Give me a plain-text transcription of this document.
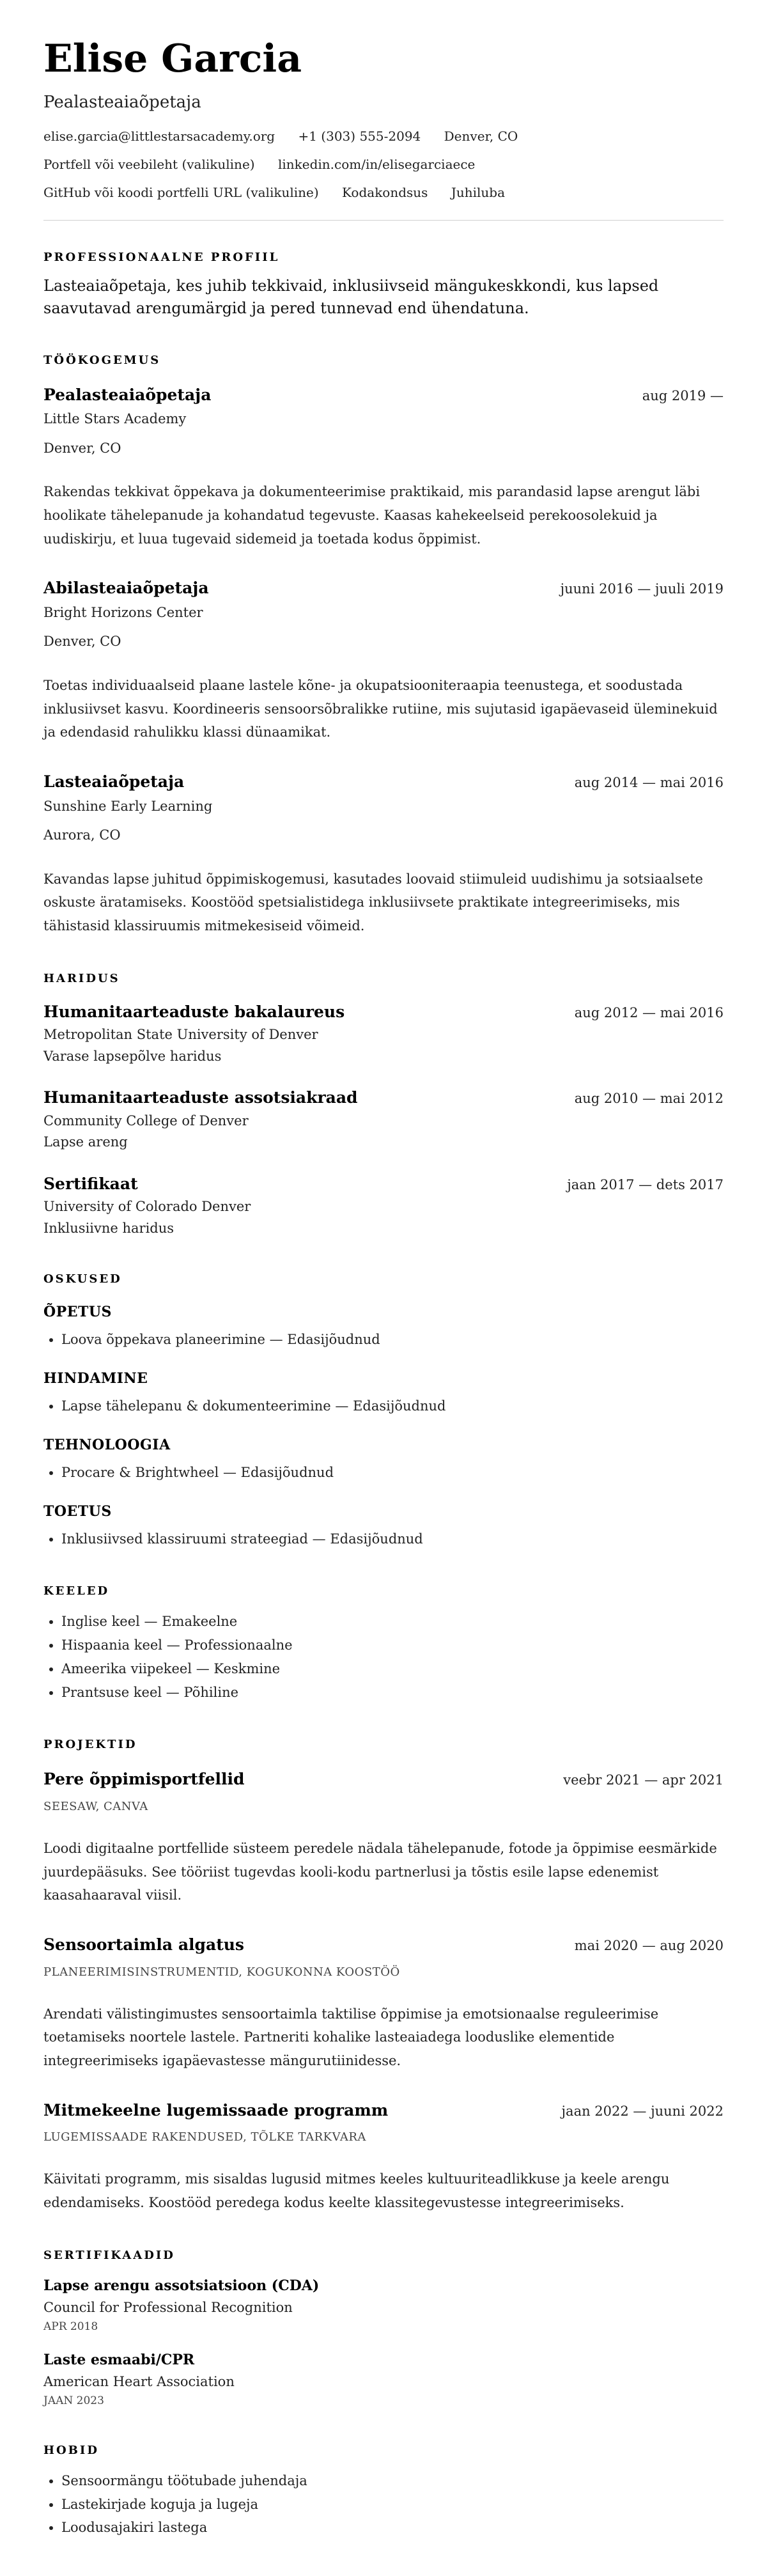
Elise Garcia
Pealasteaiaõpetaja
elise.garcia@littlestarsacademy.org +1 (303) 555-2094 Denver, CO
Portfell või veebileht (valikuline) linkedin.com/in/elisegarciaece
GitHub või koodi portfelli URL (valikuline) Kodakondsus Juhiluba
PROFESSIONAALNE PROFIIL

Lasteaiaõpetaja, kes juhib tekkivaid, inklusiivseid mängukeskkondi, kus lapsed saavutavad arengumärgid ja pered tunnevad end ühendatuna.

TÖÖKOGEMUS
Pealasteaiaõpetaja	aug 2019 —
Little Stars Academy
Denver, CO

Rakendas tekkivat õppekava ja dokumenteerimise praktikaid, mis parandasid lapse arengut läbi hoolikate tähelepanude ja kohandatud tegevuste. Kaasas kahekeelseid perekoosolekuid ja uudiskirju, et luua tugevaid sidemeid ja toetada kodus õppimist.

Abilasteaiaõpetaja	juuni 2016 — juuli 2019
Bright Horizons Center
Denver, CO

Toetas individuaalseid plaane lastele kõne- ja okupatsiooniteraapia teenustega, et soodustada inklusiivset kasvu. Koordineeris sensoorsõbralikke rutiine, mis sujutasid igapäevaseid üleminekuid ja edendasid rahulikku klassi dünaamikat.

Lasteaiaõpetaja	aug 2014 — mai 2016
Sunshine Early Learning
Aurora, CO

Kavandas lapse juhitud õppimiskogemusi, kasutades loovaid stiimuleid uudishimu ja sotsiaalsete oskuste äratamiseks. Koostööd spetsialistidega inklusiivsete praktikate integreerimiseks, mis tähistasid klassiruumis mitmekesiseid võimeid.

HARIDUS
Humanitaarteaduste bakalaureus	aug 2012 — mai 2016
Metropolitan State University of Denver
Varase lapsepõlve haridus
Humanitaarteaduste assotsiakraad	aug 2010 — mai 2012
Community College of Denver
Lapse areng
Sertifikaat	jaan 2017 — dets 2017
University of Colorado Denver
Inklusiivne haridus
OSKUSED
ÕPETUS
• Loova õppekava planeerimine — Edasijõudnud
HINDAMINE
• Lapse tähelepanu & dokumenteerimine — Edasijõudnud
TEHNOLOOGIA
• Procare & Brightwheel — Edasijõudnud
TOETUS
• Inklusiivsed klassiruumi strateegiad — Edasijõudnud
KEELED
• Inglise keel — Emakeelne
• Hispaania keel — Professionaalne
• Ameerika viipekeel — Keskmine
• Prantsuse keel — Põhiline
PROJEKTID
Pere õppimisportfellid	veebr 2021 — apr 2021
SEESAW, CANVA

Loodi digitaalne portfellide süsteem peredele nädala tähelepanude, fotode ja õppimise eesmärkide juurdepääsuks. See tööriist tugevdas kooli-kodu partnerlusi ja tõstis esile lapse edenemist kaasahaaraval viisil.

Sensoortaimla algatus	mai 2020 — aug 2020
PLANEERIMISINSTRUMENTID, KOGUKONNA KOOSTÖÖ

Arendati välistingimustes sensoortaimla taktilise õppimise ja emotsionaalse reguleerimise toetamiseks noortele lastele. Partneriti kohalike lasteaiadega looduslike elementide integreerimiseks igapäevastesse mängurutiinidesse.

Mitmekeelne lugemissaade programm	jaan 2022 — juuni 2022
LUGEMISSAADE RAKENDUSED, TÕLKE TARKVARA

Käivitati programm, mis sisaldas lugusid mitmes keeles kultuuriteadlikkuse ja keele arengu edendamiseks. Koostööd peredega kodus keelte klassitegevustesse integreerimiseks.

SERTIFIKAADID
Lapse arengu assotsiatsioon (CDA)
Council for Professional Recognition
APR 2018
Laste esmaabi/CPR
American Heart Association
JAAN 2023
HOBID
• Sensoormängu töötubade juhendaja
• Lastekirjade koguja ja lugeja
• Loodusajakiri lastega
